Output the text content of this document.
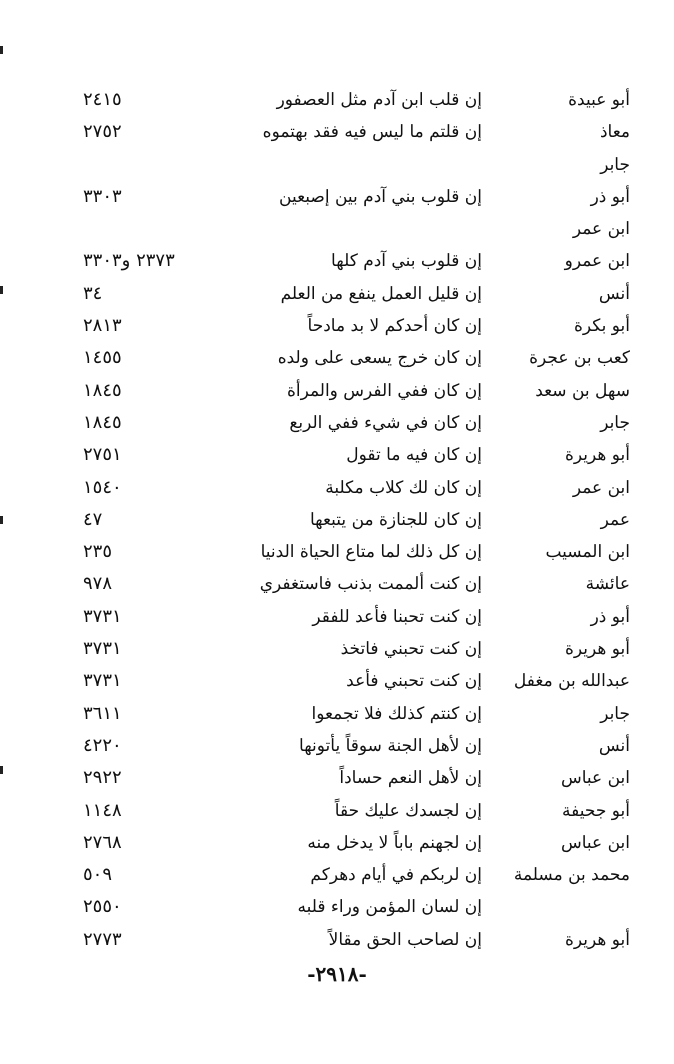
أبو عبيدة
إن قلب ابن آدم مثل العصفور
٢٤١٥
معاذ
إن قلتم ما ليس فيه فقد بهتموه
٢٧٥٢
جابر
أبو ذر
إن قلوب بني آدم بين إصبعين
٣٣٠٣
ابن عمر
ابن عمرو
إن قلوب بني آدم كلها
٢٣٧٣ و٣٣٠٣
أنس
إن قليل العمل ينفع من العلم
٣٤
أبو بكرة
إن كان أحدكم لا بد مادحاً
٢٨١٣
كعب بن عجرة
إن كان خرج يسعى على ولده
١٤٥٥
سهل بن سعد
إن كان ففي الفرس والمرأة
١٨٤٥
جابر
إن كان في شيء ففي الربع
١٨٤٥
أبو هريرة
إن كان فيه ما تقول
٢٧٥١
ابن عمر
إن كان لك كلاب مكلبة
١٥٤٠
عمر
إن كان للجنازة من يتبعها
٤٧
ابن المسيب
إن كل ذلك لما متاع الحياة الدنيا
٢٣٥
عائشة
إن كنت ألممت بذنب فاستغفري
٩٧٨
أبو ذر
إن كنت تحبنا فأعد للفقر
٣٧٣١
أبو هريرة
إن كنت تحبني فاتخذ
٣٧٣١
عبدالله بن مغفل
إن كنت تحبني فأعد
٣٧٣١
جابر
إن كنتم كذلك فلا تجمعوا
٣٦١١
أنس
إن لأهل الجنة سوقاً يأتونها
٤٢٢٠
ابن عباس
إن لأهل النعم حساداً
٢٩٢٢
أبو جحيفة
إن لجسدك عليك حقاً
١١٤٨
ابن عباس
إن لجهنم باباً لا يدخل منه
٢٧٦٨
محمد بن مسلمة
إن لربكم في أيام دهركم
٥٠٩
إن لسان المؤمن وراء قلبه
٢٥٥٠
أبو هريرة
إن لصاحب الحق مقالاً
٢٧٧٣
-٢٩١٨-
